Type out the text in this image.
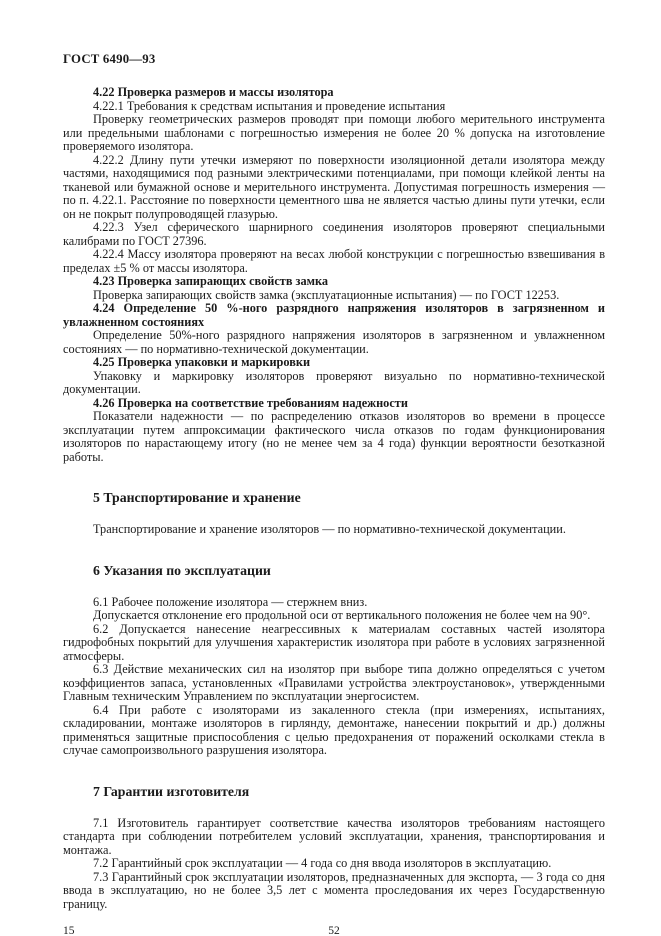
ГОСТ 6490—93

4.22 Проверка размеров и массы изолятора

4.22.1 Требования к средствам испытания и проведение испытания

Проверку геометрических размеров проводят при помощи любого мерительного инструмента или предельными шаблонами с погрешностью измерения не более 20 % допуска на изготовление проверяемого изолятора.

4.22.2 Длину пути утечки измеряют по поверхности изоляционной детали изолятора между частями, находящимися под разными электрическими потенциалами, при помощи клейкой ленты на тканевой или бумажной основе и мерительного инструмента. Допустимая погрешность измерения — по п. 4.22.1. Расстояние по поверхности цементного шва не является частью длины пути утечки, если он не покрыт полупроводящей глазурью.

4.22.3 Узел сферического шарнирного соединения изоляторов проверяют специальными калибрами по ГОСТ 27396.

4.22.4 Массу изолятора проверяют на весах любой конструкции с погрешностью взвешивания в пределах ±5 % от массы изолятора.

4.23 Проверка запирающих свойств замка

Проверка запирающих свойств замка (эксплуатационные испытания) — по ГОСТ 12253.

4.24 Определение 50 %-ного разрядного напряжения изоляторов в загрязненном и увлажненном состояниях

Определение 50%-ного разрядного напряжения изоляторов в загрязненном и увлажненном состояниях — по нормативно-технической документации.

4.25 Проверка упаковки и маркировки

Упаковку и маркировку изоляторов проверяют визуально по нормативно-технической документации.

4.26 Проверка на соответствие требованиям надежности

Показатели надежности — по распределению отказов изоляторов во времени в процессе эксплуатации путем аппроксимации фактического числа отказов по годам функционирования изоляторов по нарастающему итогу (но не менее чем за 4 года) функции вероятности безотказной работы.

5 Транспортирование и хранение

Транспортирование и хранение изоляторов — по нормативно-технической документации.

6 Указания по эксплуатации

6.1 Рабочее положение изолятора — стержнем вниз.

Допускается отклонение его продольной оси от вертикального положения не более чем на 90°.

6.2 Допускается нанесение неагрессивных к материалам составных частей изолятора гидрофобных покрытий для улучшения характеристик изолятора при работе в условиях загрязненной атмосферы.

6.3 Действие механических сил на изолятор при выборе типа должно определяться с учетом коэффициентов запаса, установленных «Правилами устройства электроустановок», утвержденными Главным техническим Управлением по эксплуатации энергосистем.

6.4 При работе с изоляторами из закаленного стекла (при измерениях, испытаниях, складировании, монтаже изоляторов в гирлянду, демонтаже, нанесении покрытий и др.) должны применяться защитные приспособления с целью предохранения от поражений осколками стекла в случае самопроизвольного разрушения изолятора.

7 Гарантии изготовителя

7.1 Изготовитель гарантирует соответствие качества изоляторов требованиям настоящего стандарта при соблюдении потребителем условий эксплуатации, хранения, транспортирования и монтажа.

7.2 Гарантийный срок эксплуатации — 4 года со дня ввода изоляторов в эксплуатацию.

7.3 Гарантийный срок эксплуатации изоляторов, предназначенных для экспорта, — 3 года со дня ввода в эксплуатацию, но не более 3,5 лет с момента проследования их через Государственную границу.

15	52
